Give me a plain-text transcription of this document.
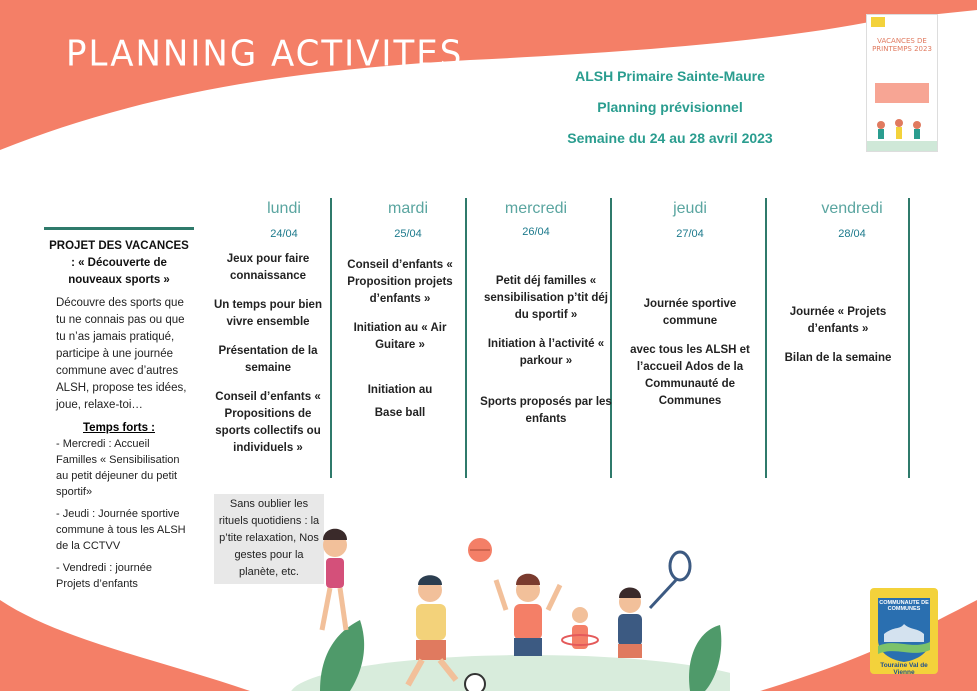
PLANNING ACTIVITES
ALSH Primaire Sainte-Maure
Planning prévisionnel
Semaine du 24 au 28 avril 2023
VACANCES DE PRINTEMPS 2023
PROJET DES VACANCES : « Découverte de nouveaux sports »
Découvre des sports que tu ne connais pas ou que tu n’as jamais pratiqué, participe à une journée commune avec d’autres ALSH, propose tes idées, joue, relaxe-toi…
Temps forts :
- Mercredi : Accueil Familles « Sensibilisation au petit déjeuner du petit sportif»
- Jeudi : Journée sportive commune à tous les ALSH de la CCTVV
- Vendredi : journée Projets d’enfants
lundi
24/04

Jeux pour faire connaissance

Un temps pour bien vivre ensemble

Présentation de la semaine

Conseil d’enfants « Propositions de sports collectifs ou individuels »

mardi
25/04

Conseil d’enfants « Proposition projets d’enfants »

Initiation au « Air Guitare »

Initiation au

Base ball

mercredi
26/04

Petit déj familles « sensibilisation p’tit déj du sportif »

Initiation à l’activité « parkour »

Sports proposés par les enfants

jeudi
27/04

Journée sportive commune

avec tous les ALSH et l’accueil Ados de la Communauté de Communes

vendredi
28/04

Journée « Projets d’enfants »

Bilan de la semaine

Sans oublier les rituels quotidiens : la p’tite relaxation, Nos gestes pour la planète, etc.
COMMUNAUTE DE COMMUNES
Touraine Val de Vienne
